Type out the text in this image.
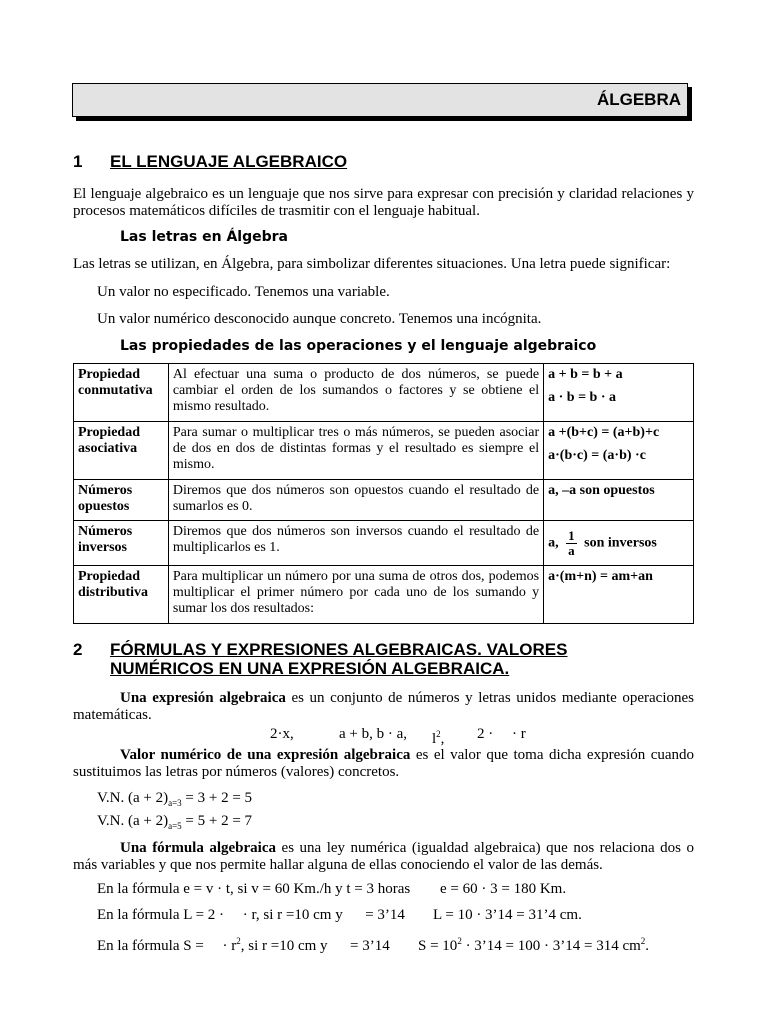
ÁLGEBRA
1 EL LENGUAJE ALGEBRAICO
El lenguaje algebraico es un lenguaje que nos sirve para expresar con precisión y claridad relaciones y procesos matemáticos difíciles de trasmitir con el lenguaje habitual.
Las letras en Álgebra
Las letras se utilizan, en Álgebra, para simbolizar diferentes situaciones. Una letra puede significar:
Un valor no especificado. Tenemos una variable.
Un valor numérico desconocido aunque concreto. Tenemos una incógnita.
Las propiedades de las operaciones y el lenguaje algebraico
Propiedad conmutativa	Al efectuar una suma o producto de dos números, se puede cambiar el orden de los sumandos o factores y se obtiene el mismo resultado.	a + b = b + a
a · b = b · a

Propiedad asociativa	Para sumar o multiplicar tres o más números, se pueden asociar de dos en dos de distintas formas y el resultado es siempre el mismo.	a +(b+c) = (a+b)+c
a·(b·c) = (a·b) ·c

Números opuestos	Diremos que dos números son opuestos cuando el resultado de sumarlos es 0.	a, –a son opuestos
Números inversos	Diremos que dos números son inversos cuando el resultado de multiplicarlos es 1.	a, $\frac{1}{a}$ son inversos
Propiedad distributiva	Para multiplicar un número por una suma de otros dos, podemos multiplicar el primer número por cada uno de los sumando y sumar los dos resultados:	a·(m+n) = am+an
2 FÓRMULAS Y EXPRESIONES ALGEBRAICAS. VALORES
NUMÉRICOS EN UNA EXPRESIÓN ALGEBRAICA.
Una expresión algebraica es un conjunto de números y letras unidos mediante operaciones matemáticas.
2·x,	a + b, b · a, $l^2$, 2 ·     · r
Valor numérico de una expresión algebraica es el valor que toma dicha expresión cuando sustituimos las letras por números (valores) concretos.
V.N. $(a + 2)_{a=3} = 3 + 2 = 5$
V.N. $(a + 2)_{a=5} = 5 + 2 = 7$
Una fórmula algebraica es una ley numérica (igualdad algebraica) que nos relaciona dos o más variables y que nos permite hallar alguna de ellas conociendo el valor de las demás.
En la fórmula e = v · t, si v = 60 Km./h y t = 3 horas e = 60 · 3 = 180 Km.
En la fórmula L = 2 ·     · r, si r =10 cm y      = 3’14 L = 10 · 3’14 = 31’4 cm.
En la fórmula S =     · $r^2$, si r =10 cm y      = 3’14 $S = 10^2$ · 3’14 = 100 · 3’14 = 314 $cm^2$.
